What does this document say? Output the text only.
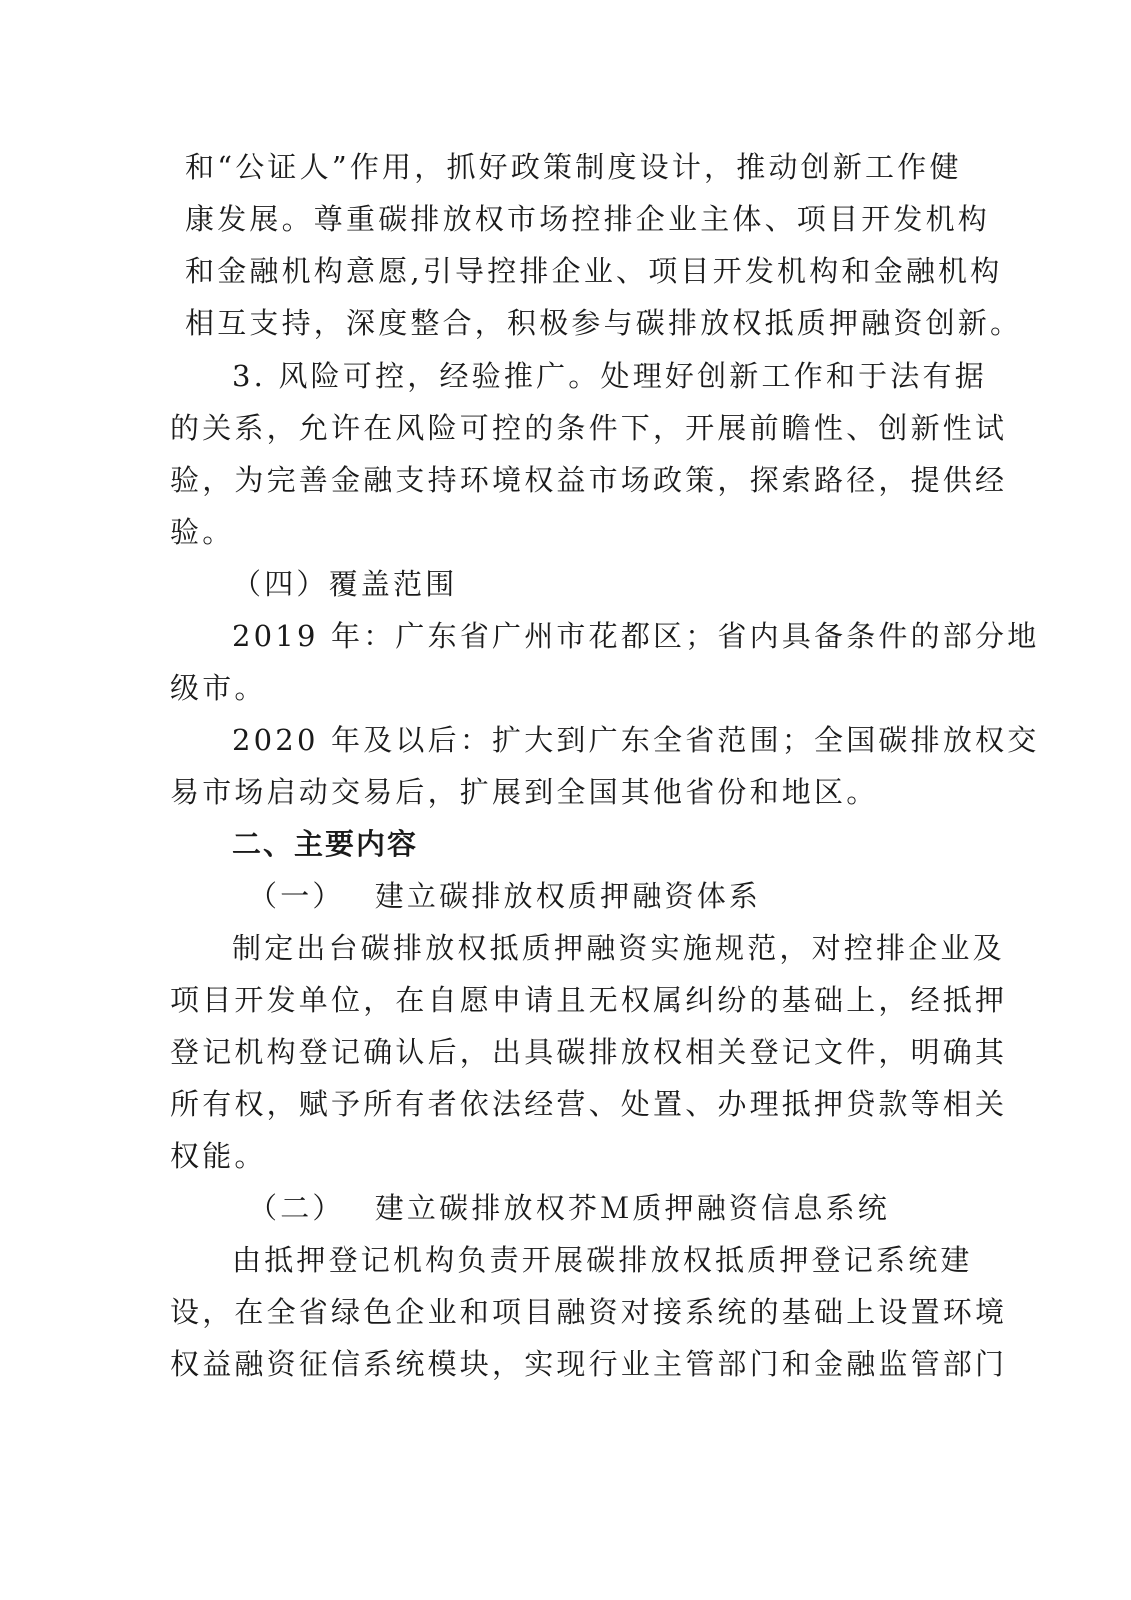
和“公证人”作用，抓好政策制度设计，推动创新工作健
康发展。尊重碳排放权市场控排企业主体、项目开发机构
和金融机构意愿,引导控排企业、项目开发机构和金融机构
相互支持，深度整合，积极参与碳排放权抵质押融资创新。
3. 风险可控，经验推广。处理好创新工作和于法有据
的关系，允许在风险可控的条件下，开展前瞻性、创新性试
验，为完善金融支持环境权益市场政策，探索路径，提供经
验。
（四）覆盖范围
2019 年：广东省广州市花都区；省内具备条件的部分地
级市。
2020 年及以后：扩大到广东全省范围；全国碳排放权交
易市场启动交易后，扩展到全国其他省份和地区。
二、主要内容
（一）　 建立碳排放权质押融资体系
制定出台碳排放权抵质押融资实施规范，对控排企业及
项目开发单位，在自愿申请且无权属纠纷的基础上，经抵押
登记机构登记确认后，出具碳排放权相关登记文件，明确其
所有权，赋予所有者依法经营、处置、办理抵押贷款等相关
权能。
（二）　 建立碳排放权芥Ｍ质押融资信息系统
由抵押登记机构负责开展碳排放权抵质押登记系统建
设，在全省绿色企业和项目融资对接系统的基础上设置环境
权益融资征信系统模块，实现行业主管部门和金融监管部门
